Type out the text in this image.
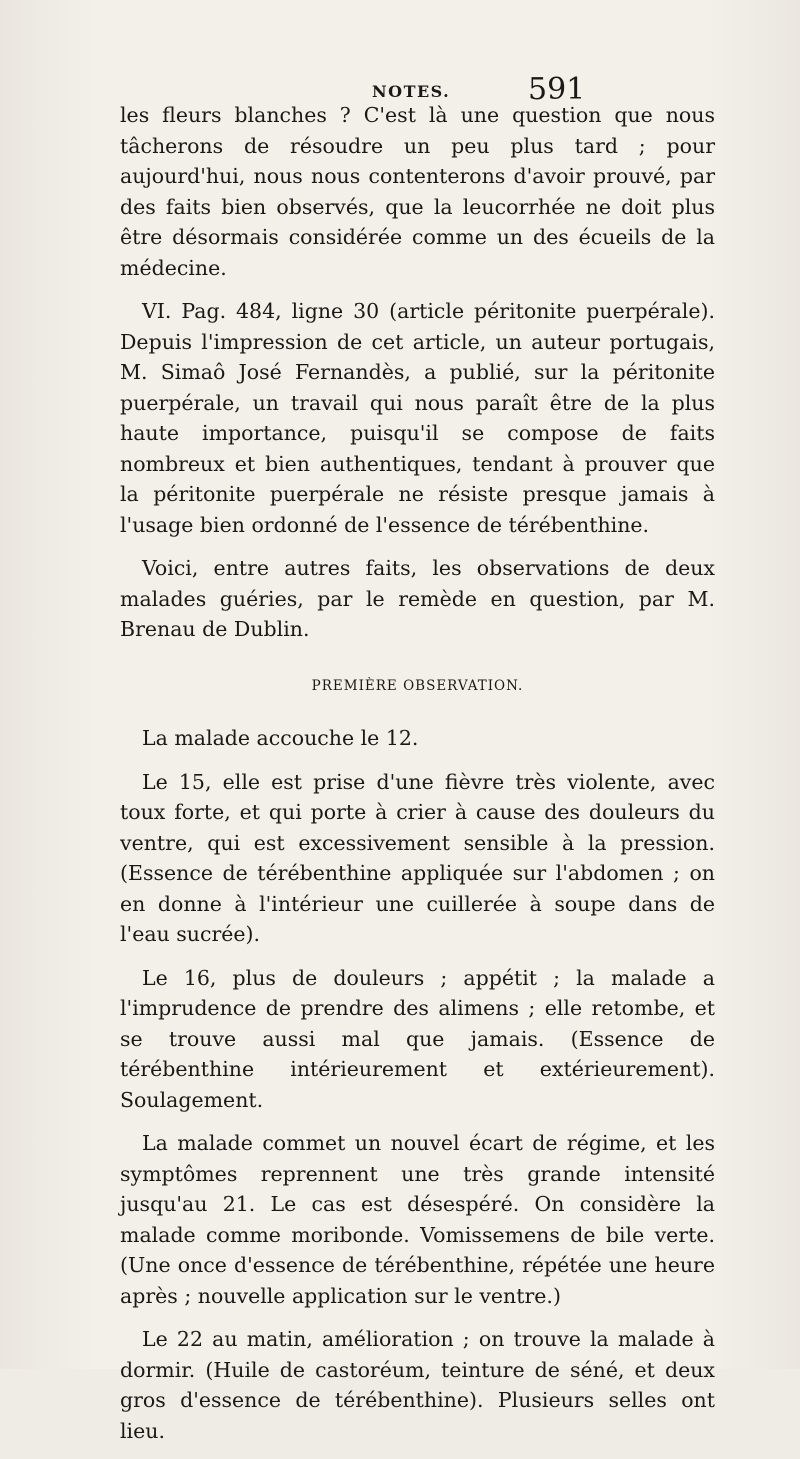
NOTES.	591

les fleurs blanches ? C'est là une question que nous tâcherons de résoudre un peu plus tard ; pour aujourd'hui, nous nous contenterons d'avoir prouvé, par des faits bien observés, que la leucorrhée ne doit plus être désormais considérée comme un des écueils de la médecine.

VI. Pag. 484, ligne 30 (article péritonite puerpérale). Depuis l'impression de cet article, un auteur portugais, M. Simaô José Fernandès, a publié, sur la péritonite puerpérale, un travail qui nous paraît être de la plus haute importance, puisqu'il se compose de faits nombreux et bien authentiques, tendant à prouver que la péritonite puerpérale ne résiste presque jamais à l'usage bien ordonné de l'essence de térébenthine.

Voici, entre autres faits, les observations de deux malades guéries, par le remède en question, par M. Brenau de Dublin.

PREMIÈRE OBSERVATION.

La malade accouche le 12.

Le 15, elle est prise d'une fièvre très violente, avec toux forte, et qui porte à crier à cause des douleurs du ventre, qui est excessivement sensible à la pression. (Essence de térébenthine appliquée sur l'abdomen ; on en donne à l'intérieur une cuillerée à soupe dans de l'eau sucrée).

Le 16, plus de douleurs ; appétit ; la malade a l'imprudence de prendre des alimens ; elle retombe, et se trouve aussi mal que jamais. (Essence de térébenthine intérieurement et extérieurement). Soulagement.

La malade commet un nouvel écart de régime, et les symptômes reprennent une très grande intensité jusqu'au 21. Le cas est désespéré. On considère la malade comme moribonde. Vomissemens de bile verte. (Une once d'essence de térébenthine, répétée une heure après ; nouvelle application sur le ventre.)

Le 22 au matin, amélioration ; on trouve la malade à dormir. (Huile de castoréum, teinture de séné, et deux gros d'essence de térébenthine). Plusieurs selles ont lieu.
